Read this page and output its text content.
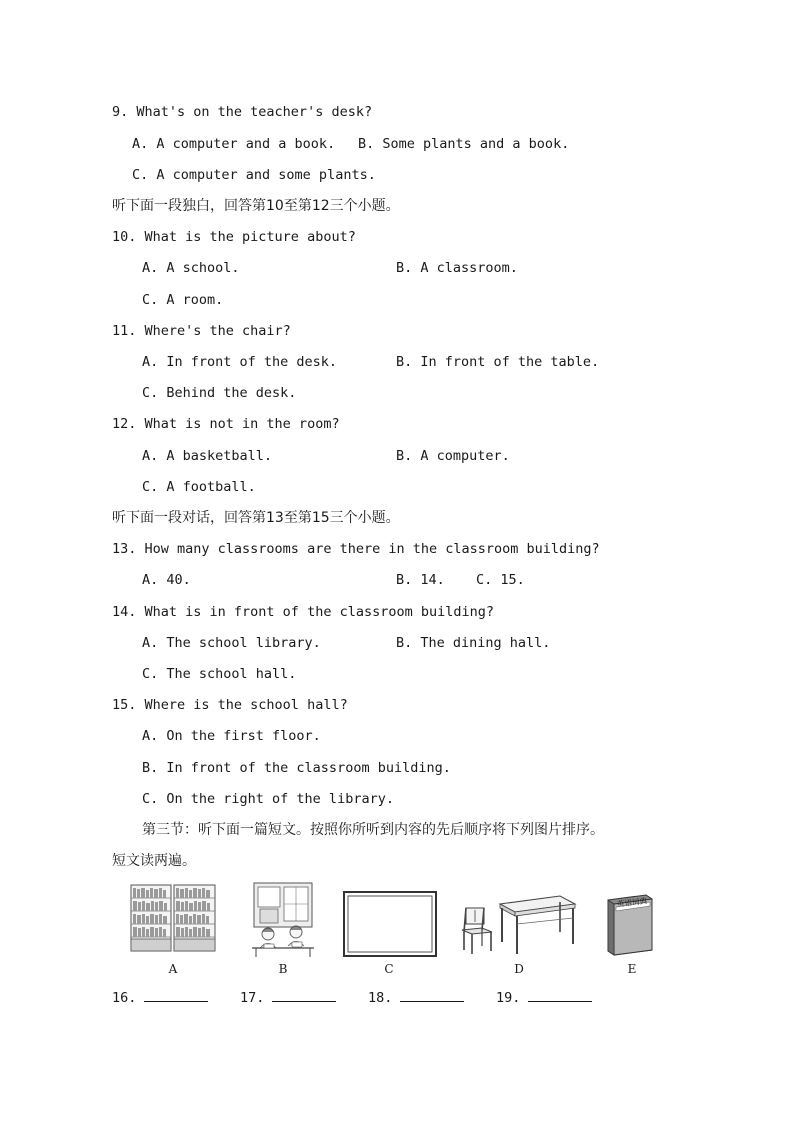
9. What's on the teacher's desk?
A. A computer and a book. B. Some plants and a book.
C. A computer and some plants.
听下面一段独白，回答第10至第12三个小题。
10. What is the picture about?
A. A school.	B. A classroom.
C. A room.
11. Where's the chair?
A. In front of the desk.	B. In front of the table.
C. Behind the desk.
12. What is not in the room?
A. A basketball.	B. A computer.
C. A football.
听下面一段对话，回答第13至第15三个小题。
13. How many classrooms are there in the classroom building?
A. 40.	B. 14. C. 15.
14. What is in front of the classroom building?
A. The school library.	B. The dining hall.
C. The school hall.
15. Where is the school hall?
A. On the first floor.
B. In front of the classroom building.
C. On the right of the library.
第三节：听下面一篇短文。按照你所听到内容的先后顺序将下列图片排序。
短文读两遍。
A	B	C	D
英语词典
E
16.	17.	18.	19.
